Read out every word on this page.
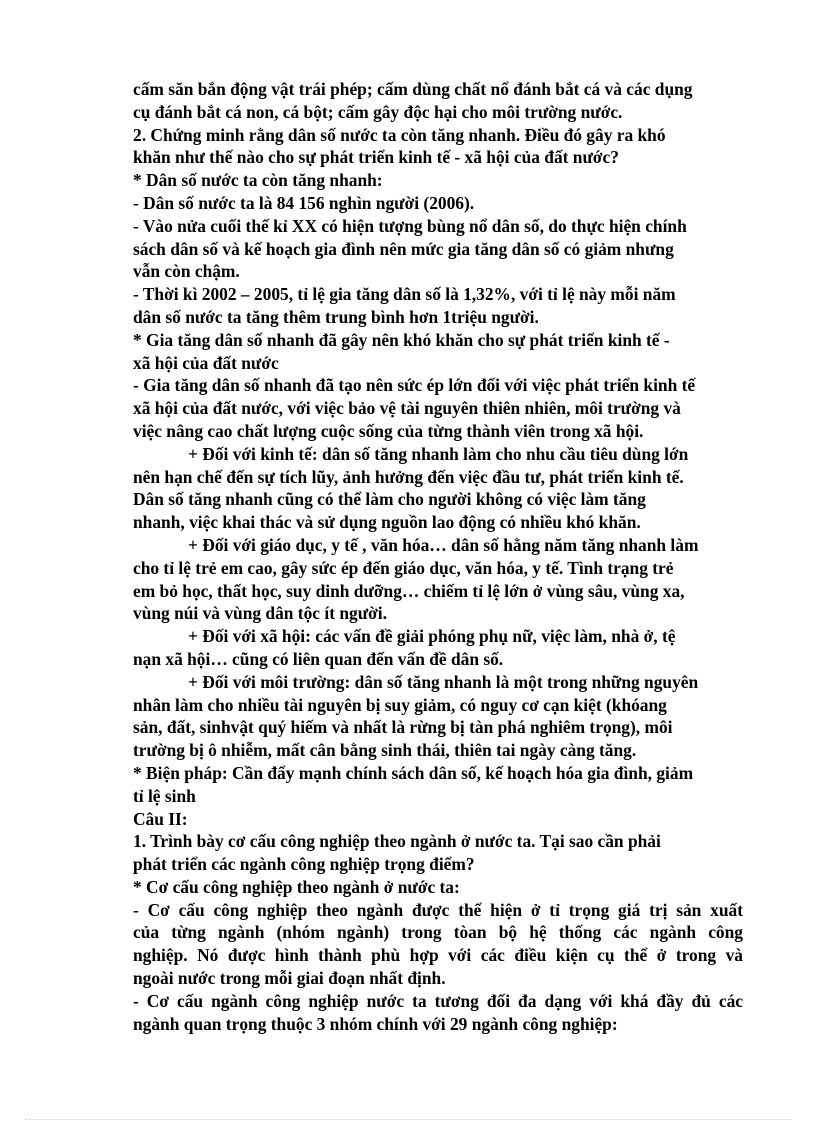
cấm săn bắn động vật trái phép; cấm dùng chất nổ đánh bắt cá và các dụng
cụ đánh bắt cá non, cá bột; cấm gây độc hại cho môi trường nước.
2. Chứng minh rằng dân số nước ta còn tăng nhanh. Điều đó gây ra khó
khăn như thế nào cho sự phát triển kinh tế - xã hội của đất nước?
* Dân số nước ta còn tăng nhanh:
- Dân số nước ta là 84 156 nghìn người (2006).
- Vào nửa cuối thế kỉ XX có hiện tượng bùng nổ dân số, do thực hiện chính
sách dân số và kế hoạch gia đình nên mức gia tăng dân số có giảm nhưng
vẫn còn chậm.
- Thời kì 2002 – 2005, tỉ lệ gia tăng dân số là 1,32%, với tỉ lệ này mỗi năm
dân số nước ta tăng thêm trung bình hơn 1triệu người.
* Gia tăng dân số nhanh đã gây nên khó khăn cho sự phát triển kinh tế -
xã hội của đất nước
- Gia tăng dân số nhanh đã tạo nên sức ép lớn đối với việc phát triển kinh tế
xã hội của đất nước, với việc bảo vệ tài nguyên thiên nhiên, môi trường và
việc nâng cao chất lượng cuộc sống của từng thành viên trong xã hội.
+ Đối với kinh tế: dân số tăng nhanh làm cho nhu cầu tiêu dùng lớn
nên hạn chế đến sự tích lũy, ảnh hưởng đến việc đầu tư, phát triển kinh tế.
Dân số tăng nhanh cũng có thể làm cho người không có việc làm tăng
nhanh, việc khai thác và sử dụng nguồn lao động có nhiều khó khăn.
+ Đối với giáo dục, y tế , văn hóa… dân số hằng năm tăng nhanh làm
cho tỉ lệ trẻ em cao, gây sức ép đến giáo dục, văn hóa, y tế. Tình trạng trẻ
em bỏ học, thất học, suy dinh dưỡng… chiếm tỉ lệ lớn ở vùng sâu, vùng xa,
vùng núi và vùng dân tộc ít người.
+ Đối với xã hội: các vấn đề giải phóng phụ nữ, việc làm, nhà ở, tệ
nạn xã hội… cũng có liên quan đến vấn đề dân số.
+ Đối với môi trường: dân số tăng nhanh là một trong những nguyên
nhân làm cho nhiều tài nguyên bị suy giảm, có nguy cơ cạn kiệt (khóang
sản, đất, sinhvật quý hiếm và nhất là rừng bị tàn phá nghiêm trọng), môi
trường bị ô nhiễm, mất cân bằng sinh thái, thiên tai ngày càng tăng.
* Biện pháp: Cần đẩy mạnh chính sách dân số, kế hoạch hóa gia đình, giảm
tỉ lệ sinh
Câu II:
1. Trình bày cơ cấu công nghiệp theo ngành ở nước ta. Tại sao cần phải
phát triển các ngành công nghiệp trọng điểm?
* Cơ cấu công nghiệp theo ngành ở nước ta:
- Cơ cấu công nghiệp theo ngành được thể hiện ở tỉ trọng giá trị sản xuất
của từng ngành (nhóm ngành) trong tòan bộ hệ thống các ngành công
nghiệp. Nó được hình thành phù hợp với các điều kiện cụ thể ở trong và
ngoài nước trong mỗi giai đoạn nhất định.
- Cơ cấu ngành công nghiệp nước ta tương đối đa dạng với khá đầy đủ các
ngành quan trọng thuộc 3 nhóm chính với 29 ngành công nghiệp:
